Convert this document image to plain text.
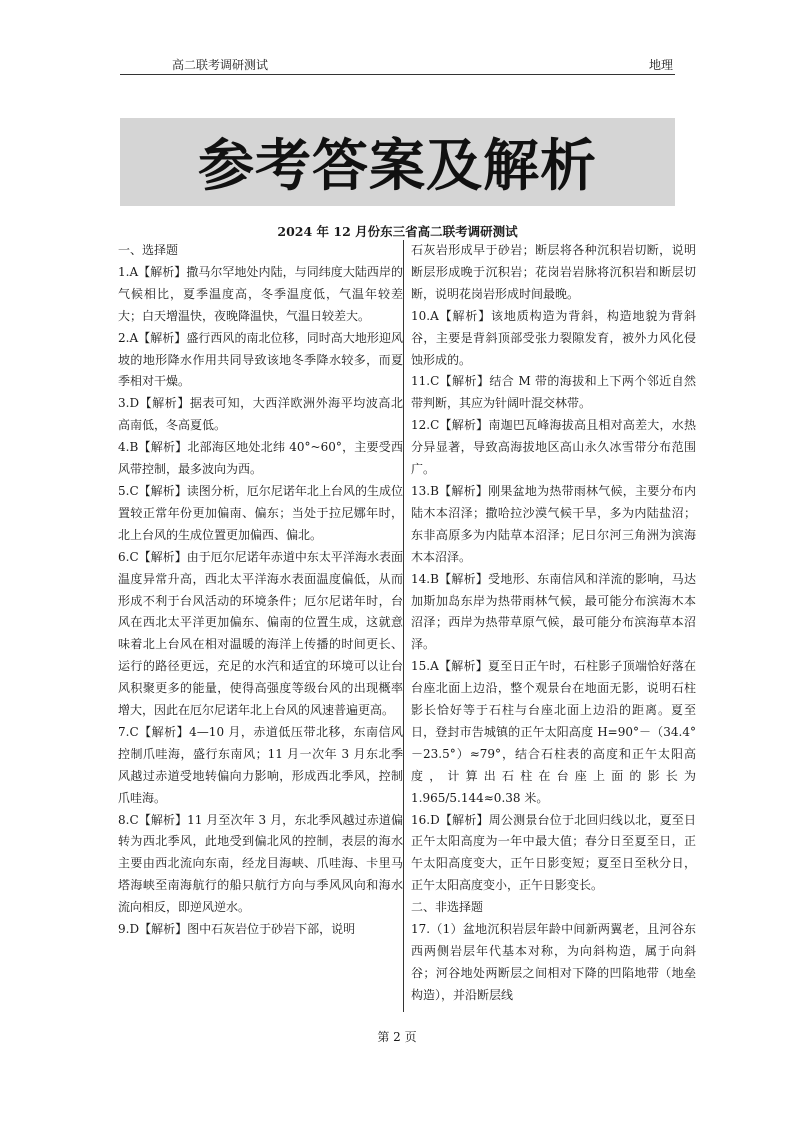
高二联考调研测试	地理
参考答案及解析
2024 年 12 月份东三省高二联考调研测试

一、选择题

1.A【解析】撒马尔罕地处内陆，与同纬度大陆西岸的气候相比，夏季温度高，冬季温度低，气温年较差大；白天增温快，夜晚降温快，气温日较差大。

2.A【解析】盛行西风的南北位移，同时高大地形迎风坡的地形降水作用共同导致该地冬季降水较多，而夏季相对干燥。

3.D【解析】据表可知，大西洋欧洲外海平均波高北高南低，冬高夏低。

4.B【解析】北部海区地处北纬 40°~60°，主要受西风带控制，最多波向为西。

5.C【解析】读图分析，厄尔尼诺年北上台风的生成位置较正常年份更加偏南、偏东；当处于拉尼娜年时，北上台风的生成位置更加偏西、偏北。

6.C【解析】由于厄尔尼诺年赤道中东太平洋海水表面温度异常升高，西北太平洋海水表面温度偏低，从而形成不利于台风活动的环境条件；厄尔尼诺年时，台风在西北太平洋更加偏东、偏南的位置生成，这就意味着北上台风在相对温暖的海洋上传播的时间更长、运行的路径更远，充足的水汽和适宜的环境可以让台风积聚更多的能量，使得高强度等级台风的出现概率增大，因此在厄尔尼诺年北上台风的风速普遍更高。

7.C【解析】4—10 月，赤道低压带北移，东南信风控制爪哇海，盛行东南风；11 月一次年 3 月东北季风越过赤道受地转偏向力影响，形成西北季风，控制爪哇海。

8.C【解析】11 月至次年 3 月，东北季风越过赤道偏转为西北季风，此地受到偏北风的控制，表层的海水主要由西北流向东南，经龙目海峡、爪哇海、卡里马塔海峡至南海航行的船只航行方向与季风风向和海水流向相反，即逆风逆水。

9.D【解析】图中石灰岩位于砂岩下部，说明

石灰岩形成早于砂岩；断层将各种沉积岩切断，说明断层形成晚于沉积岩；花岗岩岩脉将沉积岩和断层切断，说明花岗岩形成时间最晚。

10.A【解析】该地质构造为背斜，构造地貌为背斜谷，主要是背斜顶部受张力裂隙发育，被外力风化侵蚀形成的。

11.C【解析】结合 M 带的海拔和上下两个邻近自然带判断，其应为针阔叶混交林带。

12.C【解析】南迦巴瓦峰海拔高且相对高差大，水热分异显著，导致高海拔地区高山永久冰雪带分布范围广。

13.B【解析】刚果盆地为热带雨林气候，主要分布内陆木本沼泽；撒哈拉沙漠气候干旱，多为内陆盐沼；东非高原多为内陆草本沼泽；尼日尔河三角洲为滨海木本沼泽。

14.B【解析】受地形、东南信风和洋流的影响，马达加斯加岛东岸为热带雨林气候，最可能分布滨海木本沼泽；西岸为热带草原气候，最可能分布滨海草本沼泽。

15.A【解析】夏至日正午时，石柱影子顶端恰好落在台座北面上边沿，整个观景台在地面无影，说明石柱影长恰好等于石柱与台座北面上边沿的距离。夏至日，登封市告城镇的正午太阳高度 H=90°－（34.4°－23.5°）≈79°，结合石柱表的高度和正午太阳高度，计算出石柱在台座上面的影长为 1.965/5.144≈0.38 米。

16.D【解析】周公测景台位于北回归线以北，夏至日正午太阳高度为一年中最大值；春分日至夏至日，正午太阳高度变大，正午日影变短；夏至日至秋分日，正午太阳高度变小，正午日影变长。

二、非选择题

17.（1）盆地沉积岩层年龄中间新两翼老，且河谷东西两侧岩层年代基本对称，为向斜构造，属于向斜谷；河谷地处两断层之间相对下降的凹陷地带（地垒构造），并沿断层线

第 2 页
